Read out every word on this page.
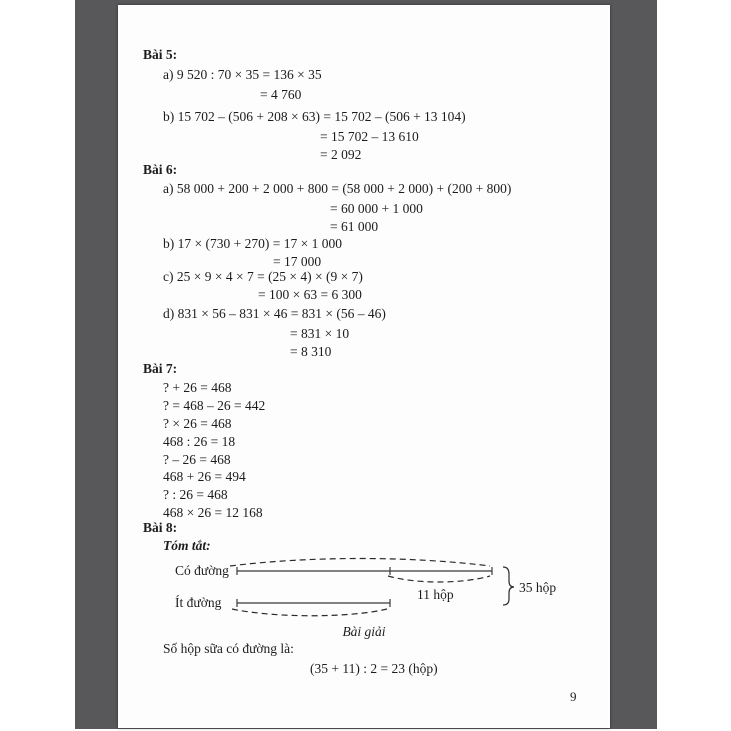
Bài 5:
a) 9 520 : 70 × 35 = 136 × 35
= 4 760
b) 15 702 – (506 + 208 × 63) = 15 702 – (506 + 13 104)
= 15 702 – 13 610
= 2 092
Bài 6:
a) 58 000 + 200 + 2 000 + 800 = (58 000 + 2 000) + (200 + 800)
= 60 000 + 1 000
= 61 000
b) 17 × (730 + 270) = 17 × 1 000
= 17 000
c) 25 × 9 × 4 × 7 = (25 × 4) × (9 × 7)
= 100 × 63 = 6 300
d) 831 × 56 – 831 × 46 = 831 × (56 – 46)
= 831 × 10
= 8 310
Bài 7:
? + 26 = 468
? = 468 – 26 = 442
? × 26 = 468
468 : 26 = 18
? – 26 = 468
468 + 26 = 494
? : 26 = 468
468 × 26 = 12 168
Bài 8:
Tóm tắt:
Có đường
11 hộp
Ít đường
35 hộp
Bài giải
Số hộp sữa có đường là:
(35 + 11) : 2 = 23 (hộp)
9
